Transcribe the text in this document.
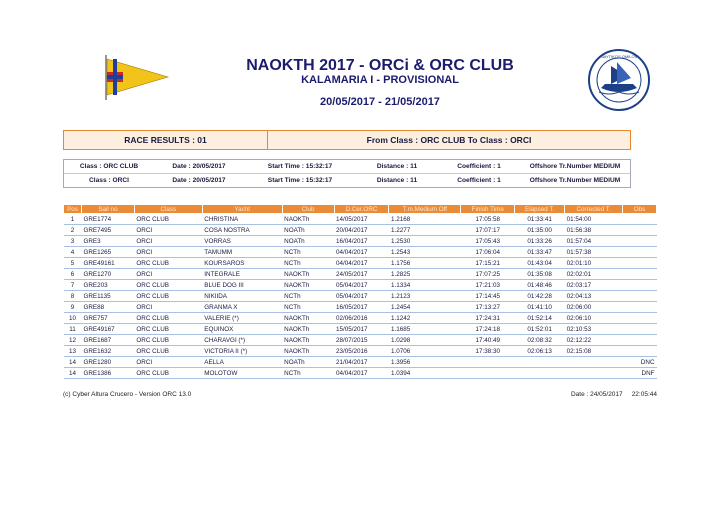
NAYTIKOS OMILOS
NAOKTH 2017 - ORCi & ORC CLUB
KALAMARIA I - PROVISIONAL
20/05/2017 - 21/05/2017
RACE RESULTS : 01	From Class : ORC CLUB To Class : ORCI
Class : ORC CLUB	Date : 20/05/2017	Start Time : 15:32:17	Distance : 11	Coefficient : 1	Offshore Tr.Number MEDIUM
Class : ORCI	Date : 20/05/2017	Start Time : 15:32:17	Distance : 11	Coefficient : 1	Offshore Tr.Number MEDIUM
Pos	Sail no	Class	Yacht	Club	D.Cer.ORC	T.m.Medium Off	Finish Time	Elapsed T.	Corrected T.	Obs
1	GRE1774	ORC CLUB	CHRISTINA	NAOKTh	14/05/2017	1.2168	17:05:58	01:33:41	01:54:00	
2	GRE7495	ORCI	COSA NOSTRA	NOATh	20/04/2017	1.2277	17:07:17	01:35:00	01:56:38	
3	GRE3	ORCI	VORRAS	NOATh	16/04/2017	1.2530	17:05:43	01:33:26	01:57:04	
4	GRE1265	ORCI	TAMUMM	NCTh	04/04/2017	1.2543	17:06:04	01:33:47	01:57:38	
5	GRE49161	ORC CLUB	KOURSAROS	NCTh	04/04/2017	1.1756	17:15:21	01:43:04	02:01:10	
6	GRE1270	ORCI	INTEGRALE	NAOKTh	24/05/2017	1.2825	17:07:25	01:35:08	02:02:01	
7	GRE203	ORC CLUB	BLUE DOG III	NAOKTh	05/04/2017	1.1334	17:21:03	01:48:46	02:03:17	
8	GRE1135	ORC CLUB	NIKIIDA	NCTh	05/04/2017	1.2123	17:14:45	01:42:28	02:04:13	
9	GRE88	ORCI	GRANMA X	NCTh	16/05/2017	1.2454	17:13:27	01:41:10	02:06:00	
10	GRE757	ORC CLUB	VALERIE (*)	NAOKTh	02/06/2016	1.1242	17:24:31	01:52:14	02:06:10	
11	GRE49167	ORC CLUB	EQUINOX	NAOKTh	15/05/2017	1.1685	17:24:18	01:52:01	02:10:53	
12	GRE1687	ORC CLUB	CHARAVGI (*)	NAOKTh	28/07/2015	1.0298	17:40:49	02:08:32	02:12:22	
13	GRE1632	ORC CLUB	VICTORIA II (*)	NAOKTh	23/05/2016	1.0706	17:38:30	02:06:13	02:15:08	
14	GRE1280	ORCI	AELLA	NOATh	21/04/2017	1.3956				DNC
14	GRE1386	ORC CLUB	MOLOTOW	NCTh	04/04/2017	1.0394				DNF
(c) Cyber Altura Crucero - Version ORC 13.0	Date : 24/05/2017 22:05:44
